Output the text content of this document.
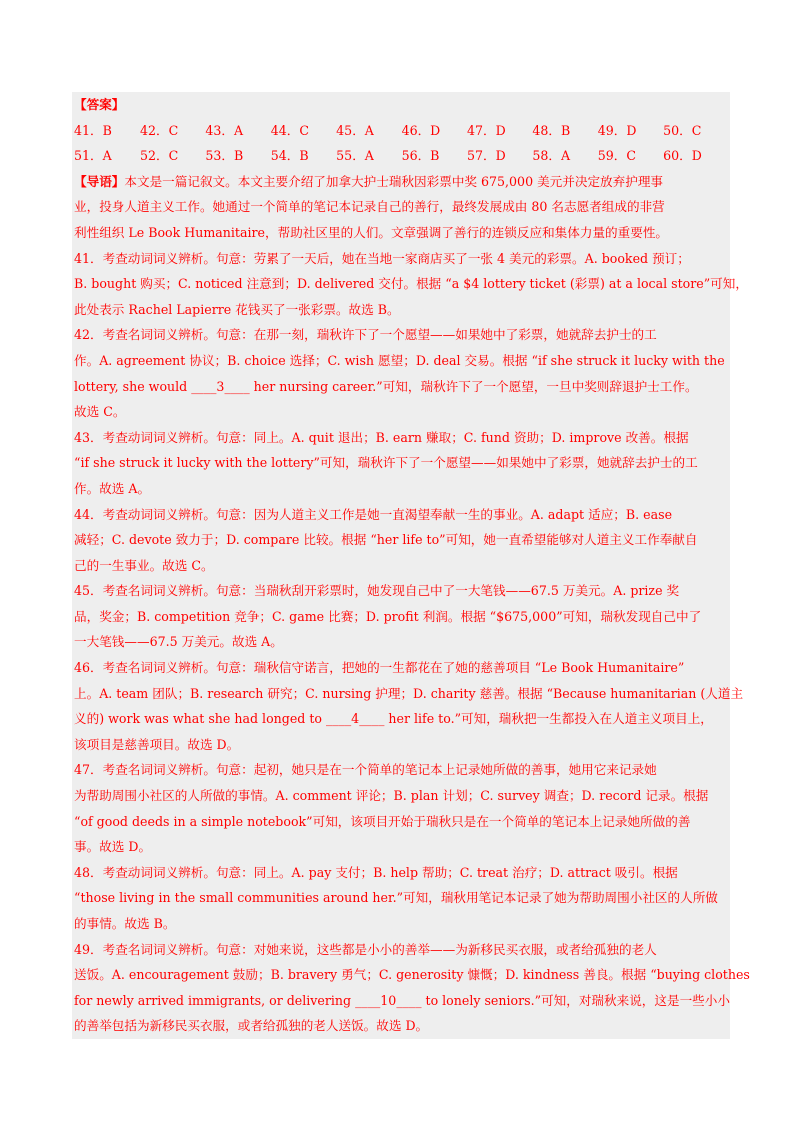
【答案】
41．B	42．C	43．A	44．C	45．A	46．D	47．D	48．B	49．D	50．C
51．A	52．C	53．B	54．B	55．A	56．B	57．D	58．A	59．C	60．D
【导语】本文是一篇记叙文。本文主要介绍了加拿大护士瑞秋因彩票中奖 675,000 美元并决定放弃护理事
业，投身人道主义工作。她通过一个简单的笔记本记录自己的善行，最终发展成由 80 名志愿者组成的非营
利性组织 Le Book Humanitaire，帮助社区里的人们。文章强调了善行的连锁反应和集体力量的重要性。
41．考查动词词义辨析。句意：劳累了一天后，她在当地一家商店买了一张 4 美元的彩票。A. booked 预订；
B. bought 购买；C. noticed 注意到；D. delivered 交付。根据 “a $4 lottery ticket (彩票) at a local store”可知，
此处表示 Rachel Lapierre 花钱买了一张彩票。故选 B。
42．考查名词词义辨析。句意：在那一刻，瑞秋许下了一个愿望——如果她中了彩票，她就辞去护士的工
作。A. agreement 协议；B. choice 选择；C. wish 愿望；D. deal 交易。根据 “if she struck it lucky with the
lottery, she would ____3____ her nursing career.”可知，瑞秋许下了一个愿望，一旦中奖则辞退护士工作。
故选 C。
43．考查动词词义辨析。句意：同上。A. quit 退出；B. earn 赚取；C. fund 资助；D. improve 改善。根据
“if she struck it lucky with the lottery”可知，瑞秋许下了一个愿望——如果她中了彩票，她就辞去护士的工
作。故选 A。
44．考查动词词义辨析。句意：因为人道主义工作是她一直渴望奉献一生的事业。A. adapt 适应；B. ease
减轻；C. devote 致力于；D. compare 比较。根据 “her life to”可知，她一直希望能够对人道主义工作奉献自
己的一生事业。故选 C。
45．考查名词词义辨析。句意：当瑞秋刮开彩票时，她发现自己中了一大笔钱——67.5 万美元。A. prize 奖
品，奖金；B. competition 竞争；C. game 比赛；D. profit 利润。根据 “$675,000”可知，瑞秋发现自己中了
一大笔钱——67.5 万美元。故选 A。
46．考查名词词义辨析。句意：瑞秋信守诺言，把她的一生都花在了她的慈善项目 “Le Book Humanitaire”
上。A. team 团队；B. research 研究；C. nursing 护理；D. charity 慈善。根据 “Because humanitarian (人道主
义的) work was what she had longed to ____4____ her life to.”可知，瑞秋把一生都投入在人道主义项目上，
该项目是慈善项目。故选 D。
47．考查名词词义辨析。句意：起初，她只是在一个简单的笔记本上记录她所做的善事，她用它来记录她
为帮助周围小社区的人所做的事情。A. comment 评论；B. plan 计划；C. survey 调查；D. record 记录。根据
“of good deeds in a simple notebook”可知，该项目开始于瑞秋只是在一个简单的笔记本上记录她所做的善
事。故选 D。
48．考查动词词义辨析。句意：同上。A. pay 支付；B. help 帮助；C. treat 治疗；D. attract 吸引。根据
“those living in the small communities around her.”可知，瑞秋用笔记本记录了她为帮助周围小社区的人所做
的事情。故选 B。
49．考查名词词义辨析。句意：对她来说，这些都是小小的善举——为新移民买衣服，或者给孤独的老人
送饭。A. encouragement 鼓励；B. bravery 勇气；C. generosity 慷慨；D. kindness 善良。根据 “buying clothes
for newly arrived immigrants, or delivering ____10____ to lonely seniors.”可知，对瑞秋来说，这是一些小小
的善举包括为新移民买衣服，或者给孤独的老人送饭。故选 D。
